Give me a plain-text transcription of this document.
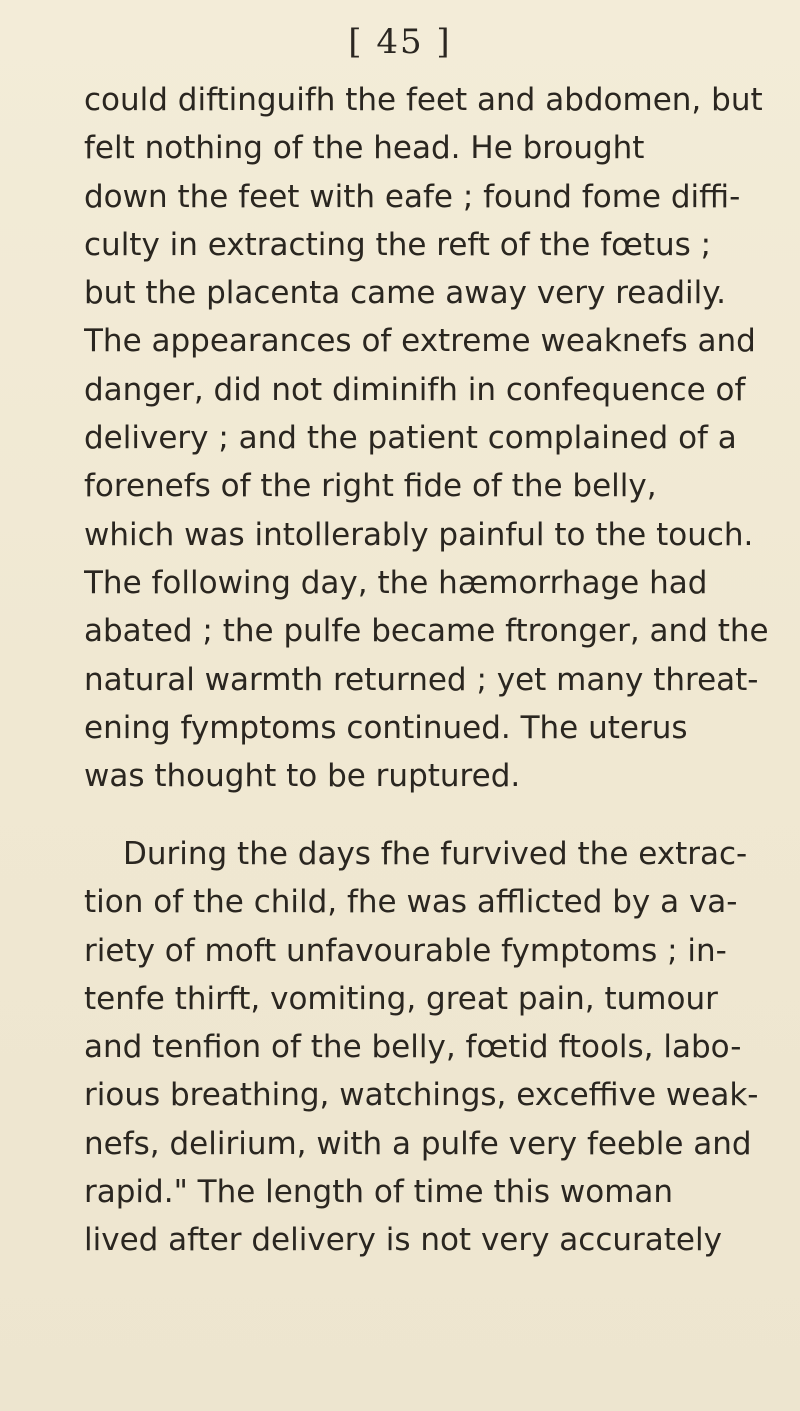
[ 45 ]
could diftinguifh the feet and abdomen, but
felt nothing of the head. He brought
down the feet with eafe ; found fome diffi-
culty in extracting the reft of the fœtus ;
but the placenta came away very readily.
The appearances of extreme weaknefs and
danger, did not diminifh in confequence of
delivery ; and the patient complained of a
forenefs of the right fide of the belly,
which was intollerably painful to the touch.
The following day, the hæmorrhage had
abated ; the pulfe became ftronger, and the
natural warmth returned ; yet many threat-
ening fymptoms continued. The uterus
was thought to be ruptured.
During the days fhe furvived the extrac-
tion of the child, fhe was afflicted by a va-
riety of moft unfavourable fymptoms ; in-
tenfe thirft, vomiting, great pain, tumour
and tenfion of the belly, fœtid ftools, labo-
rious breathing, watchings, exceffive weak-
nefs, delirium, with a pulfe very feeble and
rapid." The length of time this woman
lived after delivery is not very accurately
